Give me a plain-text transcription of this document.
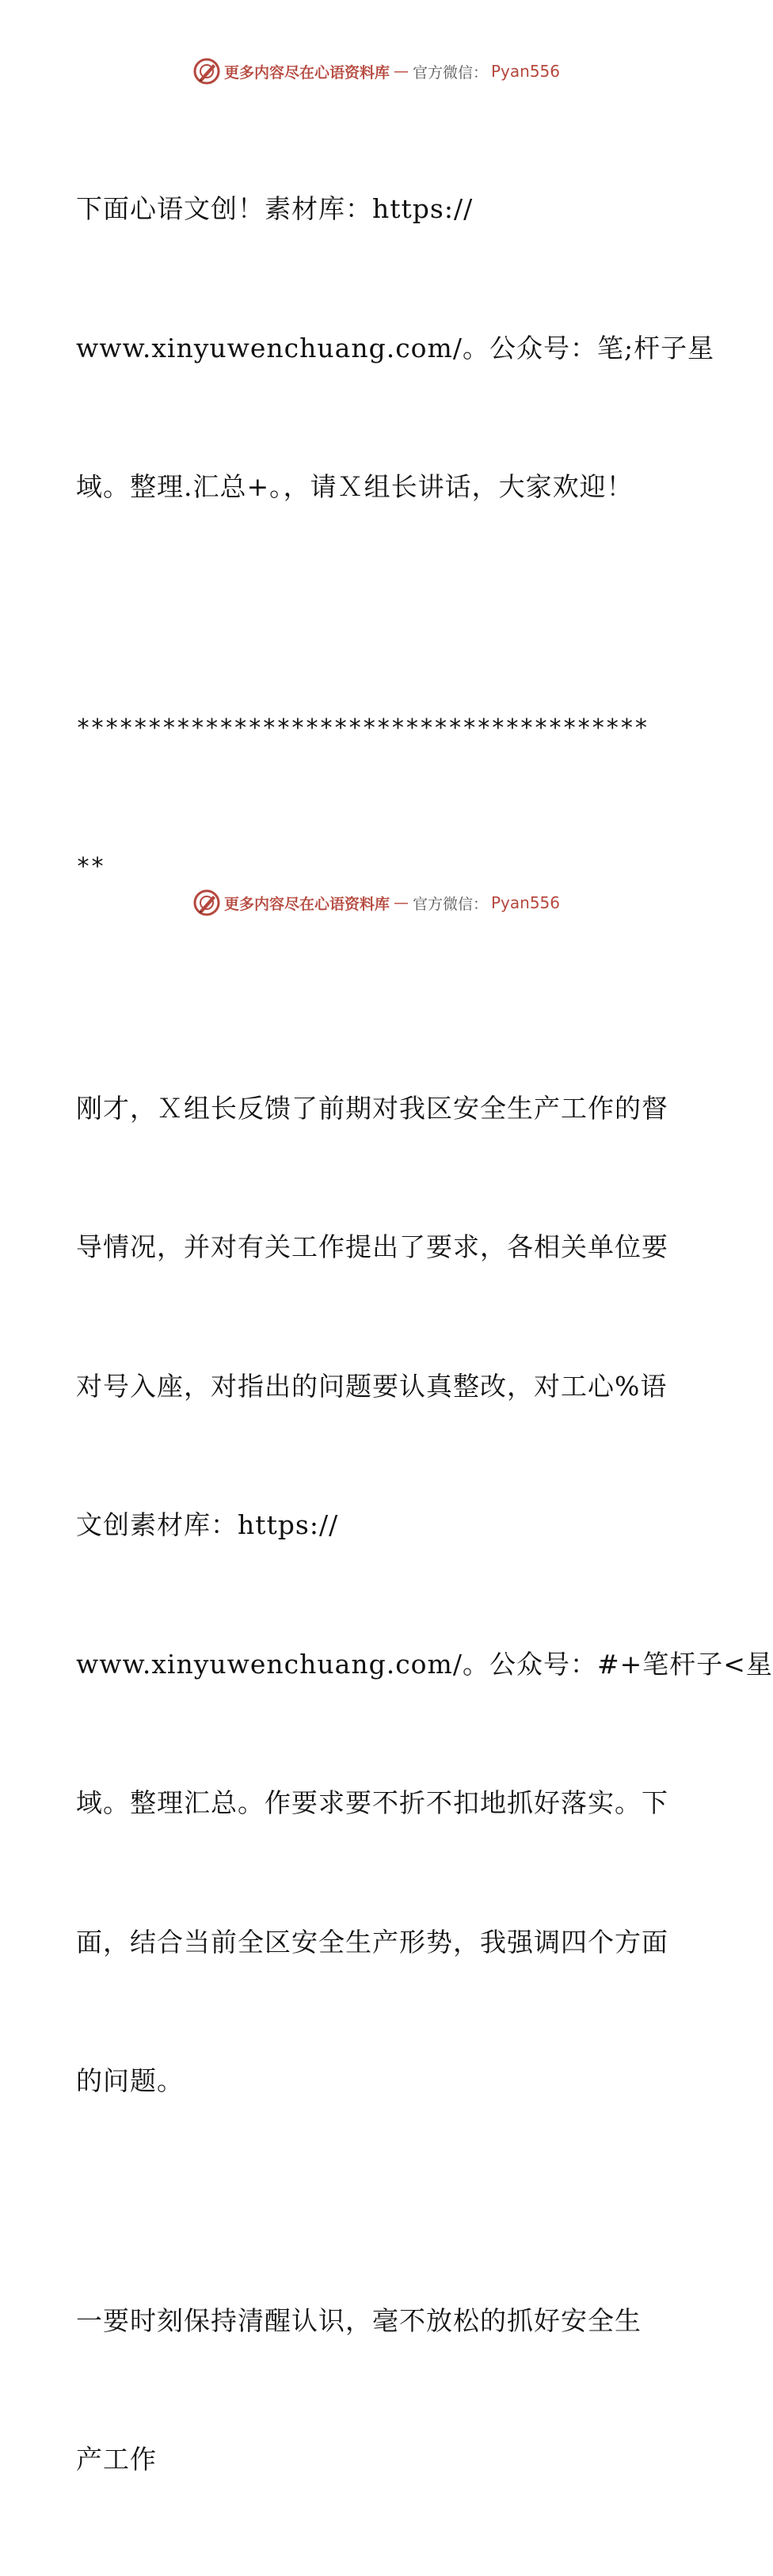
更多内容尽在心语资料库 — 官方微信： Pyan556

下面心语文创！素材库：https://

www.xinyuwenchuang.com/。公众号：笔;杆子星

域。整理.汇总+。，请Ｘ组长讲话，大家欢迎！

****************************************

**

刚才，Ｘ组长反馈了前期对我区安全生产工作的督

导情况，并对有关工作提出了要求，各相关单位要

对号入座，对指出的问题要认真整改，对工心%语

文创素材库：https://

www.xinyuwenchuang.com/。公众号：#+笔杆子<星

域。整理汇总。作要求要不折不扣地抓好落实。下

面，结合当前全区安全生产形势，我强调四个方面

的问题。

一要时刻保持清醒认识，毫不放松的抓好安全生

产工作

更多内容尽在心语资料库 — 官方微信： Pyan556
